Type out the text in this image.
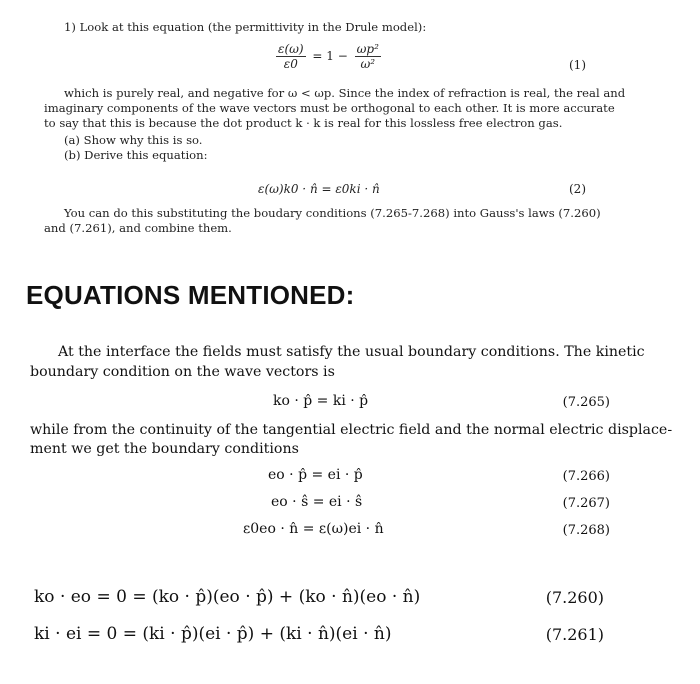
1) Look at this equation (the permittivity in the Drule model):
$\frac{\varepsilon(\omega)}{\varepsilon 0} = 1 - \frac{\text{ωp²}}{\text{ω²}}$	(1)
which is purely real, and negative for ω < ωp. Since the index of refraction is real, the real and
imaginary components of the wave vectors must be orthogonal to each other. It is more accurate
to say that this is because the dot product k · k is real for this lossless free electron gas.
(a) Show why this is so.
(b) Derive this equation:
ε(ω)k0 · n̂ = ε0ki · n̂	(2)
You can do this substituting the boudary conditions (7.265-7.268) into Gauss's laws (7.260)
and (7.261), and combine them.
EQUATIONS MENTIONED:
At the interface the fields must satisfy the usual boundary conditions. The kinetic
boundary condition on the wave vectors is
ko · p̂ = ki · p̂	(7.265)
while from the continuity of the tangential electric field and the normal electric displace-
ment we get the boundary conditions
eo · p̂ = ei · p̂	(7.266)
eo · ŝ = ei · ŝ	(7.267)
ε0eo · n̂ = ε(ω)ei · n̂	(7.268)
ko · eo = 0 = (ko · p̂)(eo · p̂) + (ko · n̂)(eo · n̂)	(7.260)
ki · ei = 0 = (ki · p̂)(ei · p̂) + (ki · n̂)(ei · n̂)	(7.261)
